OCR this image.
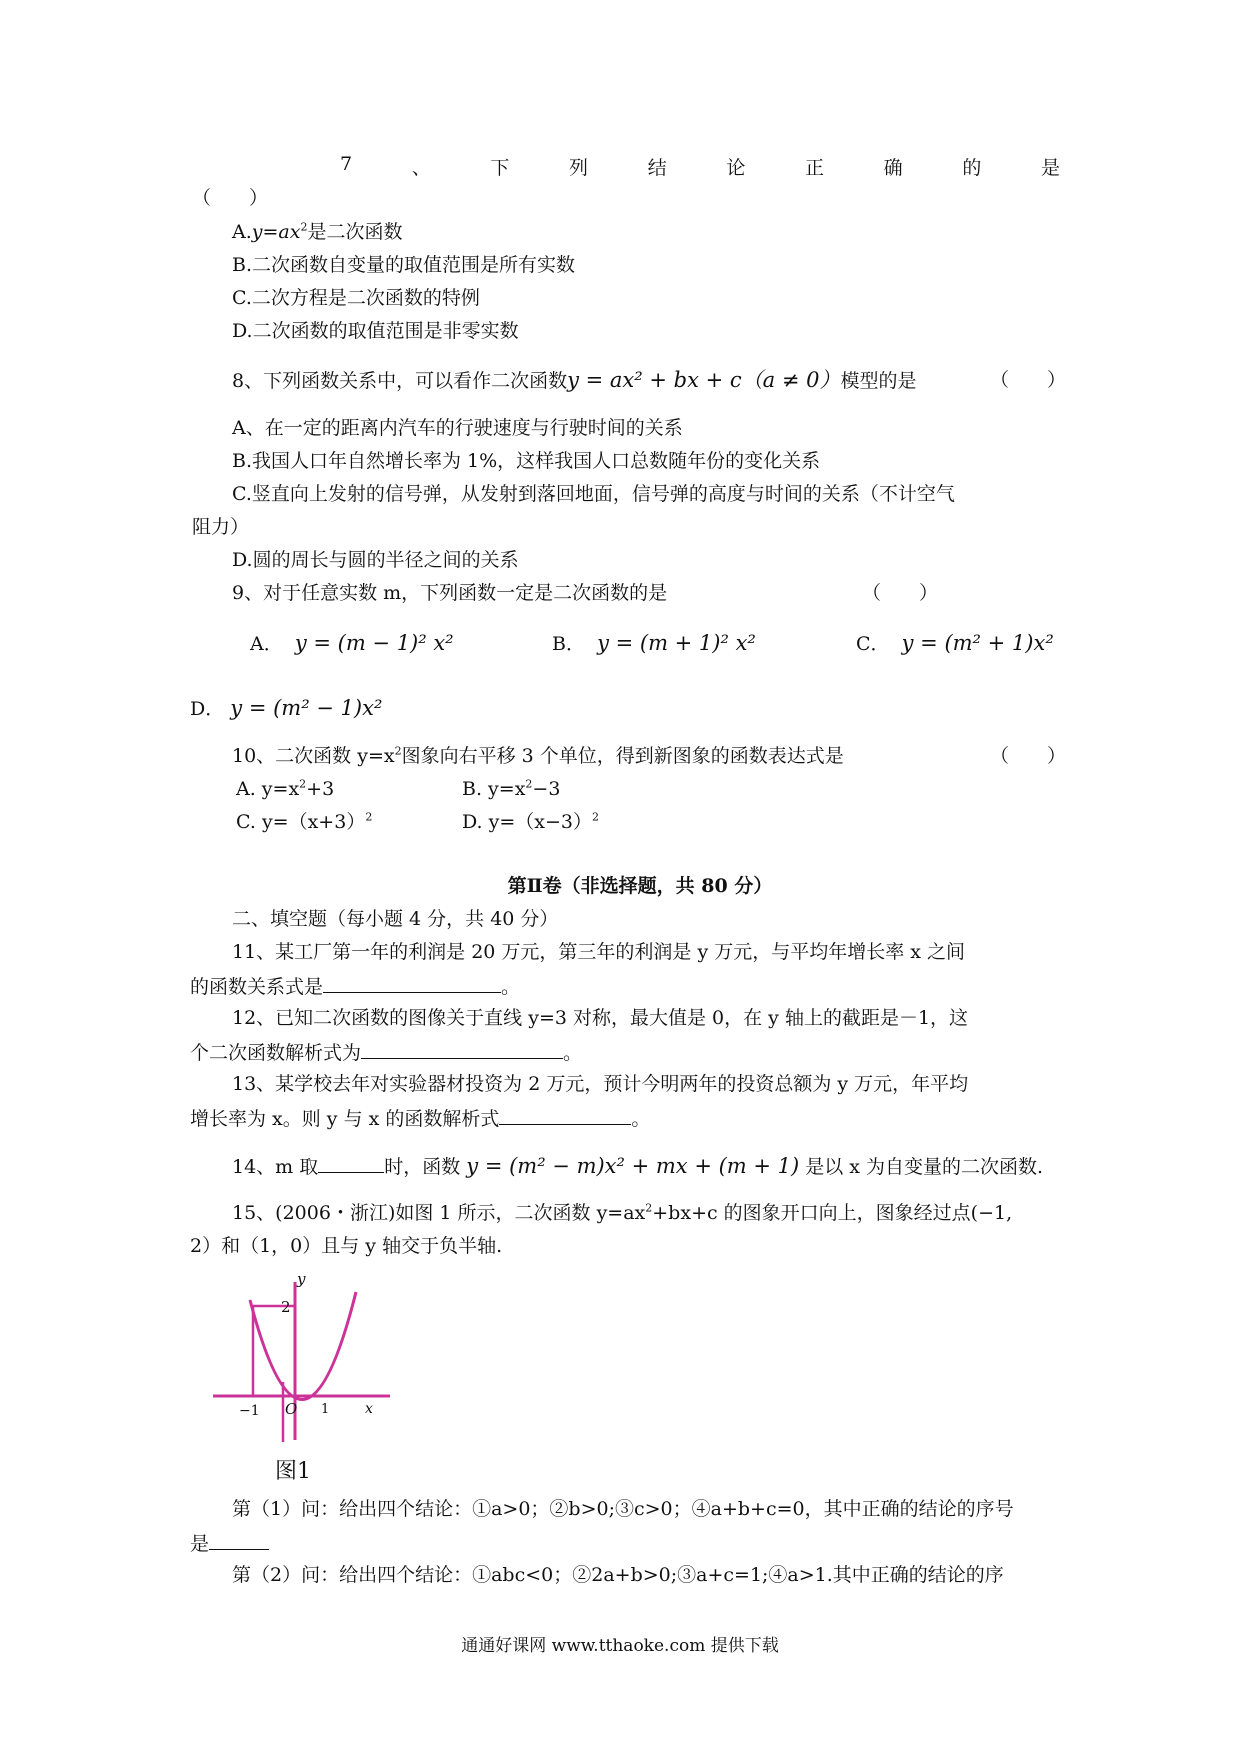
7	、	下	列	结	论	正	确	的	是
（　　）
$A.y=ax^2$是二次函数
B.二次函数自变量的取值范围是所有实数
C.二次方程是二次函数的特例
D.二次函数的取值范围是非零实数
8、下列函数关系中，可以看作二次函数y = ax² + bx + c（a ≠ 0）模型的是	（　　）
A、在一定的距离内汽车的行驶速度与行驶时间的关系
B.我国人口年自然增长率为 1%，这样我国人口总数随年份的变化关系
C.竖直向上发射的信号弹，从发射到落回地面，信号弹的高度与时间的关系（不计空气
阻力）
D.圆的周长与圆的半径之间的关系
9、对于任意实数 m，下列函数一定是二次函数的是	（　　）
A． y = (m − 1)² x²	B． y = (m + 1)² x²	C． y = (m² + 1)x²
D． y = (m² − 1)x²
10、二次函数 $y=x^2$图象向右平移 3 个单位，得到新图象的函数表达式是	（　　）
A. $y=x^2+3$	B. $y=x^2-3$
C. $y=(x+3)^2$	D. $y=(x-3)^2$
第Ⅱ卷（非选择题，共 80 分）
二、填空题（每小题 4 分，共 40 分）
11、某工厂第一年的利润是 20 万元，第三年的利润是 y 万元，与平均年增长率 x 之间
的函数关系式是	。
12、已知二次函数的图像关于直线 y=3 对称，最大值是 0，在 y 轴上的截距是－1，这
个二次函数解析式为	。
13、某学校去年对实验器材投资为 2 万元，预计今明两年的投资总额为 y 万元，年平均
增长率为 x。则 y 与 x 的函数解析式	。
14、m 取	时，函数 y = (m² − m)x² + mx + (m + 1) 是以 x 为自变量的二次函数.
15、(2006・浙江)如图 1 所示，二次函数 $y=ax^2+bx+c$ 的图象开口向上，图象经过点(−1,
2）和（1，0）且与 y 轴交于负半轴.
y
2
x
−1 O 1
图1
第（1）问：给出四个结论：①a>0；②b>0;③c>0；④a+b+c=0，其中正确的结论的序号
是
第（2）问：给出四个结论：①abc<0；②2a+b>0;③a+c=1;④a>1.其中正确的结论的序
通通好课网 www.tthaoke.com 提供下载
